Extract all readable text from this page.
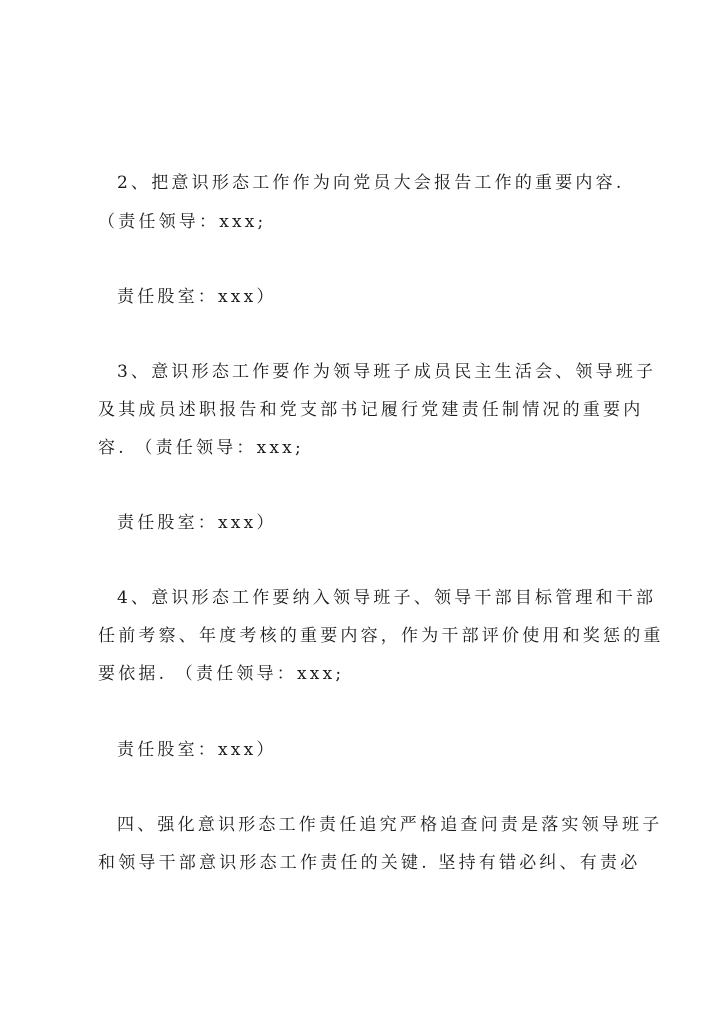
2、把意识形态工作作为向党员大会报告工作的重要内容.
（责任领导：xxx;
责任股室：xxx）
3、意识形态工作要作为领导班子成员民主生活会、领导班子
及其成员述职报告和党支部书记履行党建责任制情况的重要内
容. （责任领导：xxx;
责任股室：xxx）
4、意识形态工作要纳入领导班子、领导干部目标管理和干部
任前考察、年度考核的重要内容，作为干部评价使用和奖惩的重
要依据. （责任领导：xxx;
责任股室：xxx）
四、强化意识形态工作责任追究严格追查问责是落实领导班子
和领导干部意识形态工作责任的关键. 坚持有错必纠、有责必
